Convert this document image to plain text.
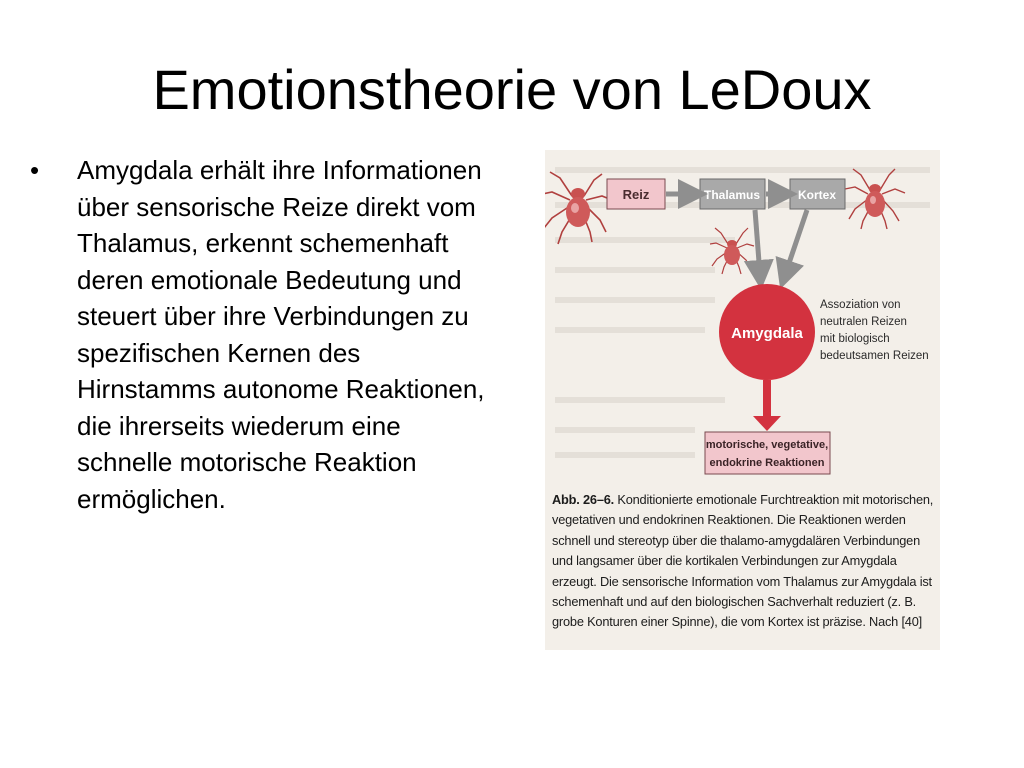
Emotionstheorie von LeDoux
• Amygdala erhält ihre Informationen über sensorische Reize direkt vom Thalamus, erkennt schemenhaft deren emotionale Bedeutung und steuert über ihre Verbindungen zu spezifischen Kernen des Hirnstamms autonome Reaktionen, die ihrerseits wiederum eine schnelle motorische Reaktion ermöglichen.
Reiz	Thalamus	Kortex
Amygdala
Assoziation von
neutralen Reizen
mit biologisch
bedeutsamen Reizen
motorische, vegetative,
endokrine Reaktionen
Abb. 26–6. Konditionierte emotionale Furchtreaktion mit motorischen, vegetativen und endokrinen Reaktionen. Die Reaktionen werden schnell und stereotyp über die thalamo-amygdalären Verbindungen und langsamer über die kortikalen Verbindungen zur Amygdala erzeugt. Die sensorische Information vom Thalamus zur Amygdala ist schemenhaft und auf den biologischen Sachverhalt reduziert (z. B. grobe Konturen einer Spinne), die vom Kortex ist präzise. Nach [40]
